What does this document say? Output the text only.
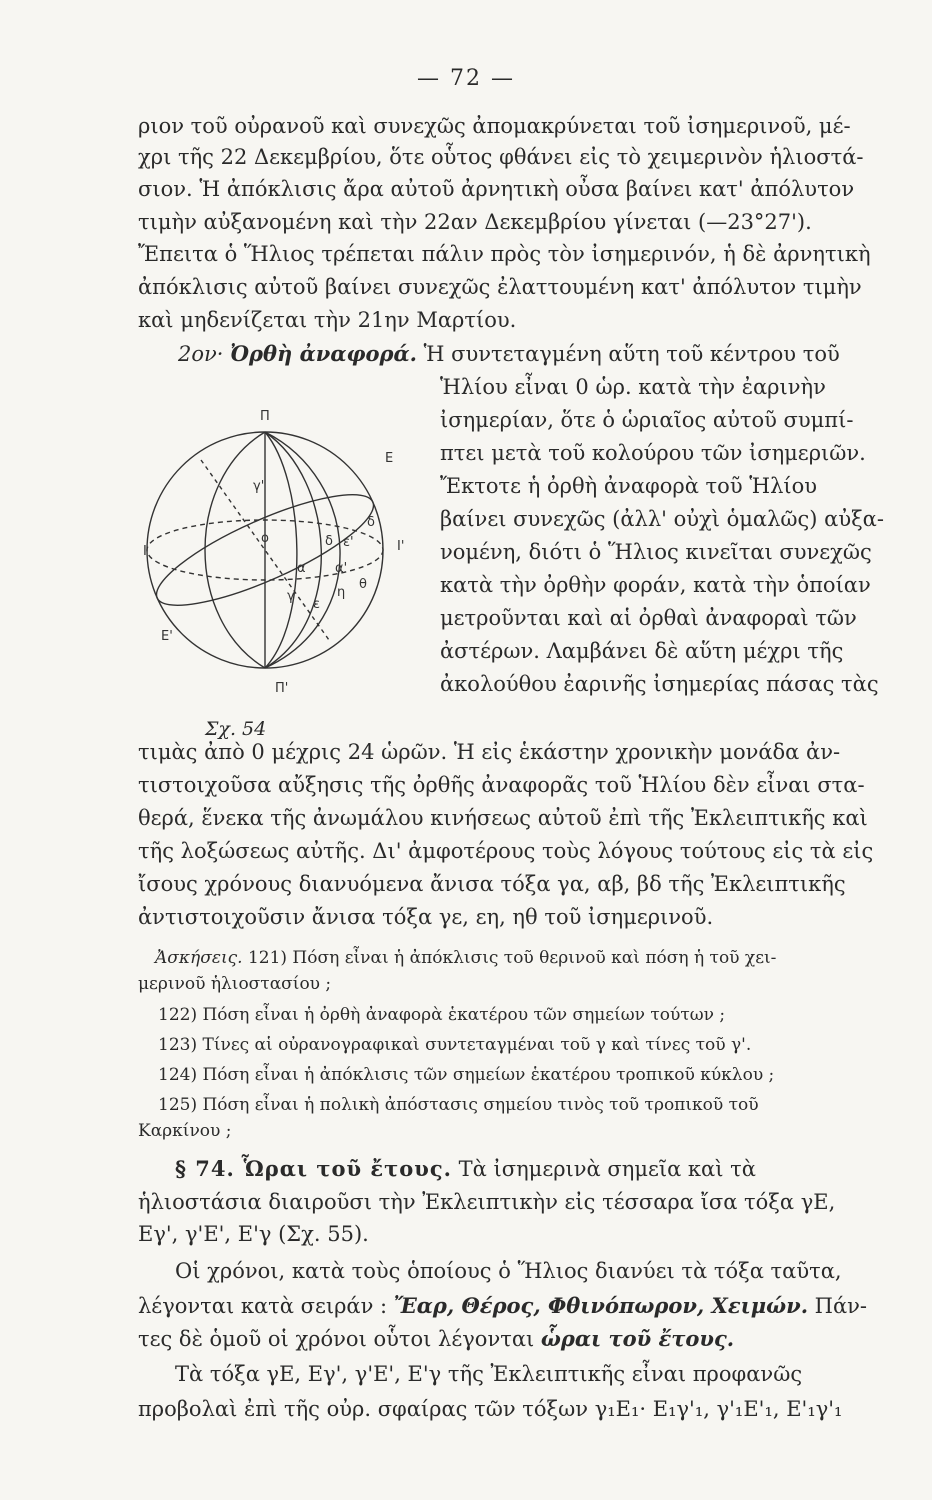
— 72 —
ριον τοῦ οὐρανοῦ καὶ συνεχῶς ἀπομακρύνεται τοῦ ἰσημερινοῦ, μέ-
χρι τῆς 22 Δεκεμβρίου, ὅτε οὗτος φθάνει εἰς τὸ χειμερινὸν ἡλιοστά-
σιον. Ἡ ἀπόκλισις ἄρα αὐτοῦ ἀρνητικὴ οὖσα βαίνει κατ' ἀπόλυτον
τιμὴν αὐξανομένη καὶ τὴν 22αν Δεκεμβρίου γίνεται (—23°27').
Ἔπειτα ὁ Ἥλιος τρέπεται πάλιν πρὸς τὸν ἰσημερινόν, ἡ δὲ ἀρνητικὴ
ἀπόκλισις αὐτοῦ βαίνει συνεχῶς ἐλαττουμένη κατ' ἀπόλυτον τιμὴν
καὶ μηδενίζεται τὴν 21ην Μαρτίου.
2ον· Ὀρθὴ ἀναφορά. Ἡ συντεταγμένη αὕτη τοῦ κέντρου τοῦ
Ἡλίου εἶναι 0 ὡρ. κατὰ τὴν ἐαρινὴν
ἰσημερίαν, ὅτε ὁ ὡριαῖος αὐτοῦ συμπί-
πτει μετὰ τοῦ κολούρου τῶν ἰσημεριῶν.
Ἔκτοτε ἡ ὀρθὴ ἀναφορὰ τοῦ Ἡλίου
βαίνει συνεχῶς (ἀλλ' οὐχὶ ὁμαλῶς) αὐξα-
νομένη, διότι ὁ Ἥλιος κινεῖται συνεχῶς
κατὰ τὴν ὀρθὴν φοράν, κατὰ τὴν ὁποίαν
μετροῦνται καὶ αἱ ὀρθαὶ ἀναφοραὶ τῶν
ἀστέρων. Λαμβάνει δὲ αὕτη μέχρι τῆς
ἀκολούθου ἐαρινῆς ἰσημερίας πάσας τὰς
Π
Ε
γ'
δ
ο	δ ε'
Ι	Ι'
α α'
γ
ε
η
θ
Ε'
Π'
Σχ. 54
τιμὰς ἀπὸ 0 μέχρις 24 ὡρῶν. Ἡ εἰς ἑκάστην χρονικὴν μονάδα ἀν-
τιστοιχοῦσα αὔξησις τῆς ὀρθῆς ἀναφορᾶς τοῦ Ἡλίου δὲν εἶναι στα-
θερά, ἕνεκα τῆς ἀνωμάλου κινήσεως αὐτοῦ ἐπὶ τῆς Ἐκλειπτικῆς καὶ
τῆς λοξώσεως αὐτῆς. Δι' ἀμφοτέρους τοὺς λόγους τούτους εἰς τὰ εἰς
ἴσους χρόνους διανυόμενα ἄνισα τόξα γα, αβ, βδ τῆς Ἐκλειπτικῆς
ἀντιστοιχοῦσιν ἄνισα τόξα γε, εη, ηθ τοῦ ἰσημερινοῦ.
Ἀσκήσεις. 121) Πόση εἶναι ἡ ἀπόκλισις τοῦ θερινοῦ καὶ πόση ἡ τοῦ χει-
μερινοῦ ἡλιοστασίου ;
122) Πόση εἶναι ἡ ὀρθὴ ἀναφορὰ ἑκατέρου τῶν σημείων τούτων ;
123) Τίνες αἱ οὐρανογραφικαὶ συντεταγμέναι τοῦ γ καὶ τίνες τοῦ γ'.
124) Πόση εἶναι ἡ ἀπόκλισις τῶν σημείων ἑκατέρου τροπικοῦ κύκλου ;
125) Πόση εἶναι ἡ πολικὴ ἀπόστασις σημείου τινὸς τοῦ τροπικοῦ τοῦ
Καρκίνου ;
§ 74. Ὧραι τοῦ ἔτους. Τὰ ἰσημερινὰ σημεῖα καὶ τὰ
ἡλιοστάσια διαιροῦσι τὴν Ἐκλειπτικὴν εἰς τέσσαρα ἴσα τόξα γΕ,
Εγ', γ'Ε', Ε'γ (Σχ. 55).
Οἱ χρόνοι, κατὰ τοὺς ὁποίους ὁ Ἥλιος διανύει τὰ τόξα ταῦτα,
λέγονται κατὰ σειράν : Ἔαρ, Θέρος, Φθινόπωρον, Χειμών. Πάν-
τες δὲ ὁμοῦ οἱ χρόνοι οὗτοι λέγονται ὧραι τοῦ ἔτους.
Τὰ τόξα γΕ, Εγ', γ'Ε', Ε'γ τῆς Ἐκλειπτικῆς εἶναι προφανῶς
προβολαὶ ἐπὶ τῆς οὐρ. σφαίρας τῶν τόξων γ₁Ε₁· Ε₁γ'₁, γ'₁Ε'₁, Ε'₁γ'₁
